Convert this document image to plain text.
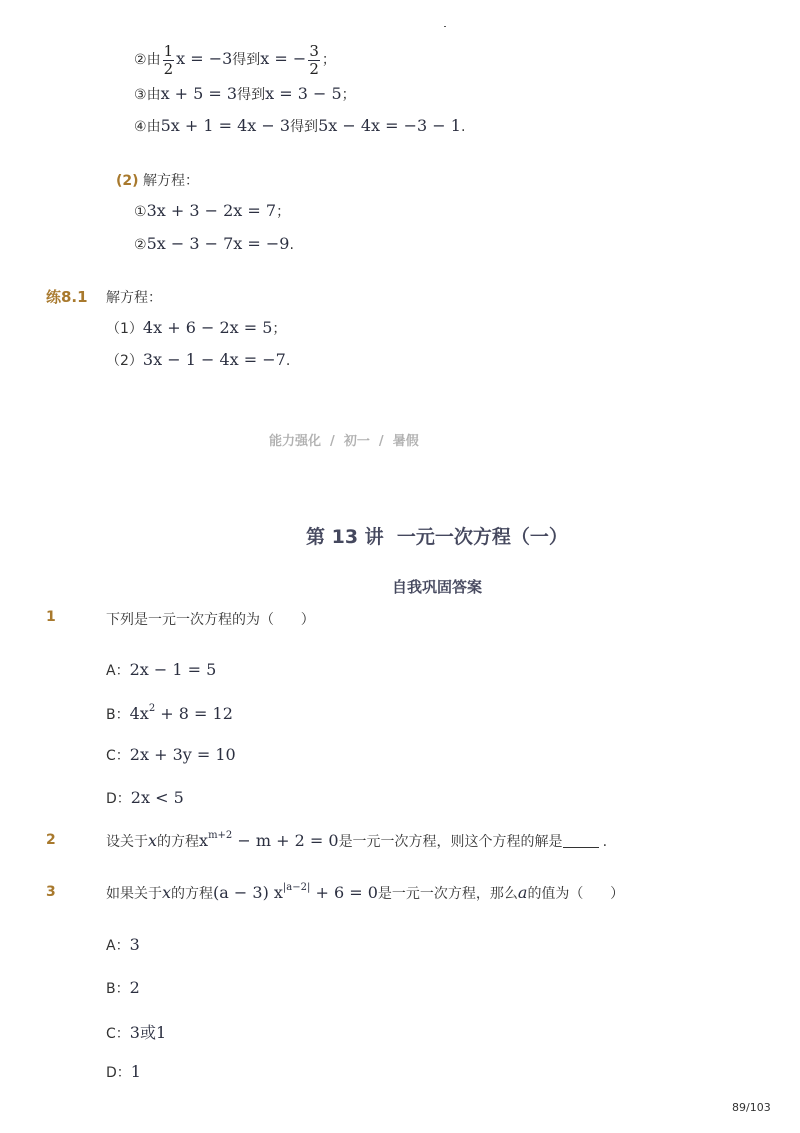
②由 $\frac{1}{2}$ x = −3得到x = − $\frac{3}{2}$ ；
③由x + 5 = 3得到x = 3 − 5；
④由5x + 1 = 4x − 3得到5x − 4x = −3 − 1.
(2) 解方程：
①3x + 3 − 2x = 7；
②5x − 3 − 7x = −9.
练8.1 解方程：
（1）4x + 6 − 2x = 5；
（2）3x − 1 − 4x = −7.
能力强化  /  初一  /  暑假
第 13 讲  一元一次方程（一）
自我巩固答案
1	下列是一元一次方程的为（      ）
A：2x − 1 = 5
B：$4x^2 + 8 = 12$
C：2x + 3y = 10
D：2x < 5
2	设关于x的方程$x^{m+2} - m + 2 = 0$是一元一次方程，则这个方程的解是	.
3	如果关于x的方程(a − 3) $x^{|a-2|} + 6 = 0$是一元一次方程，那么a的值为（      ）
A：3
B：2
C：3或1
D：1
89/103
